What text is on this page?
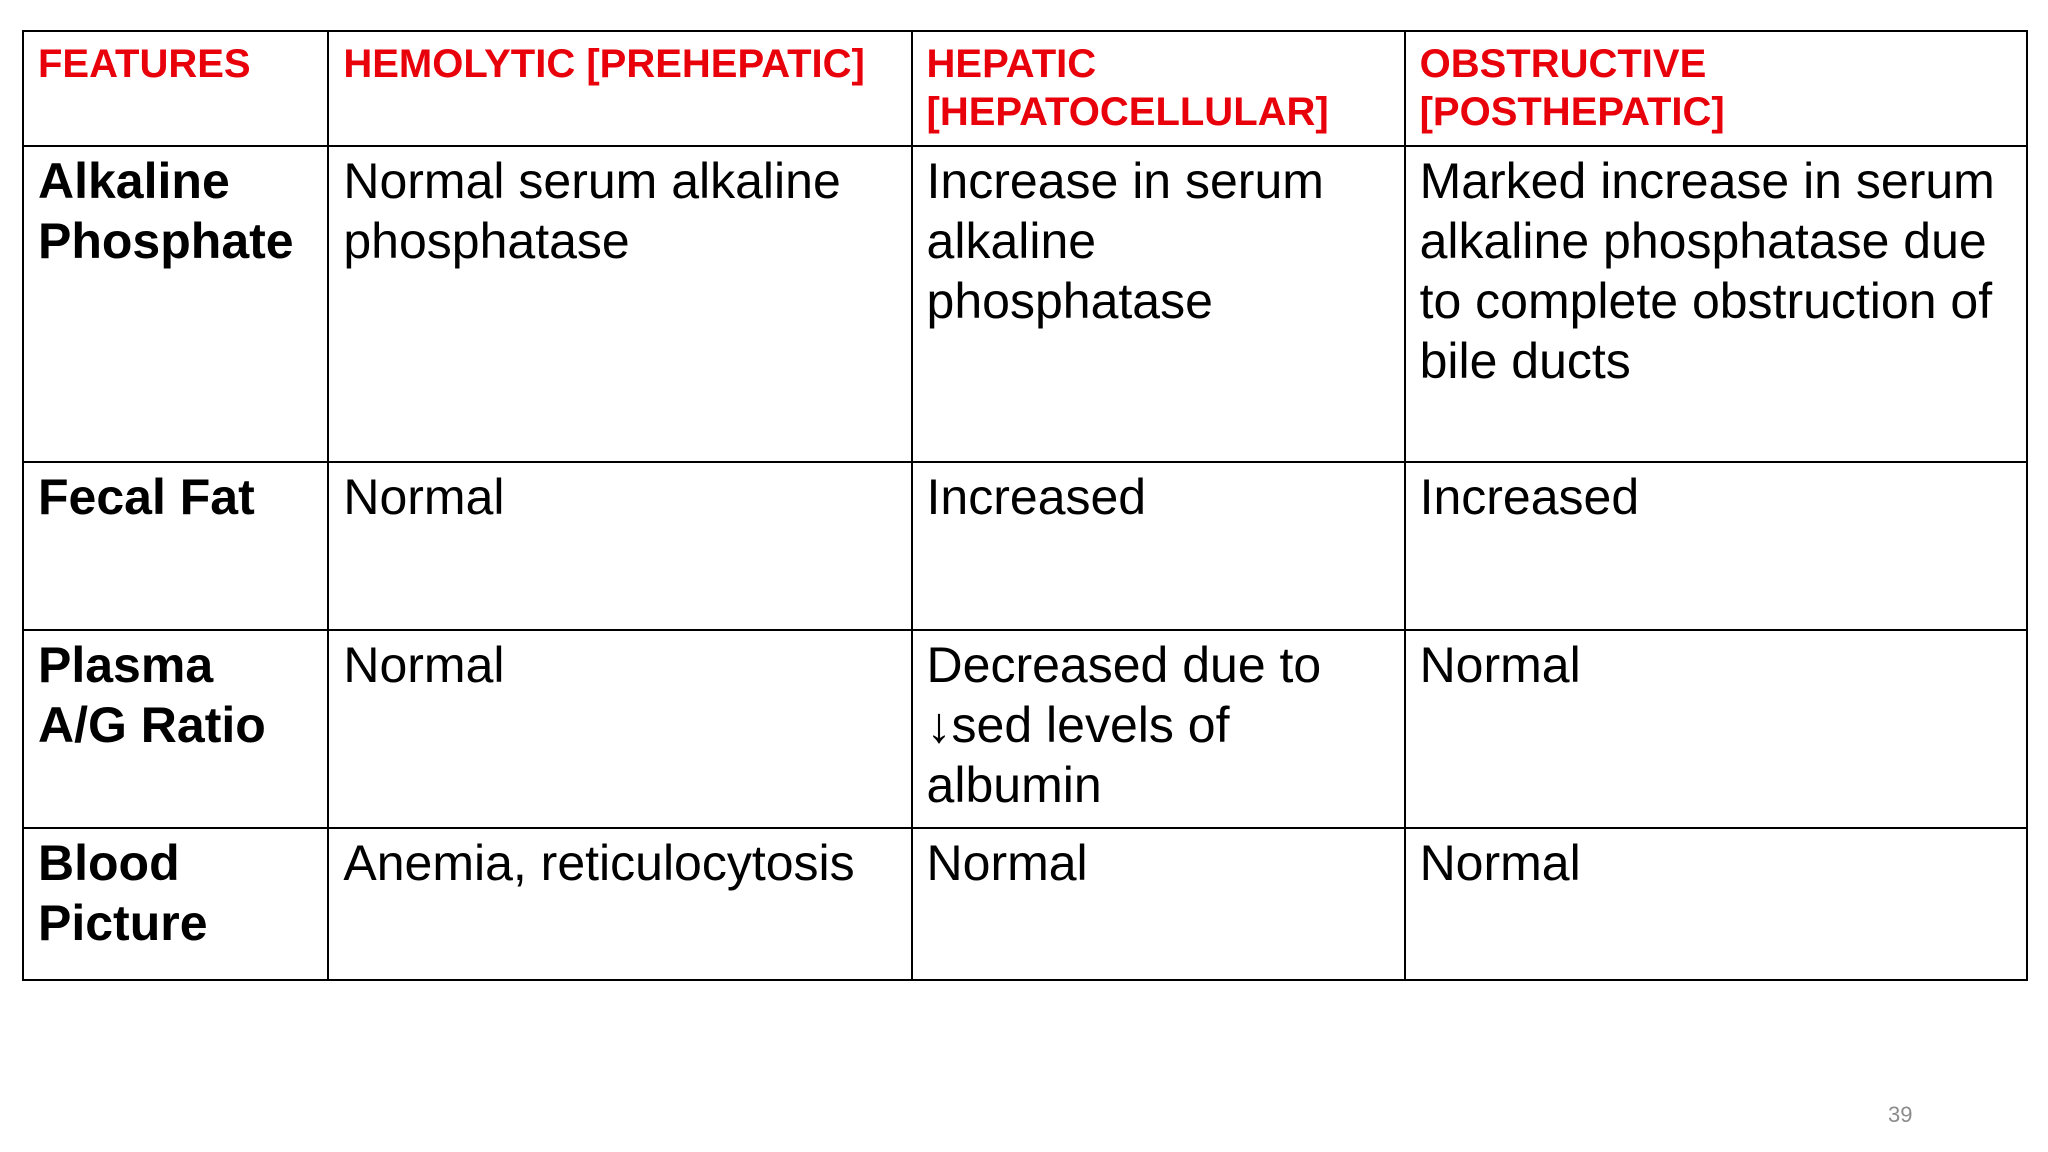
FEATURES	HEMOLYTIC [PREHEPATIC]	HEPATIC [HEPATOCELLULAR]	OBSTRUCTIVE [POSTHEPATIC]
Alkaline Phosphate	Normal serum alkaline phosphatase	Increase in serum alkaline phosphatase	Marked increase in serum alkaline phosphatase due to complete obstruction of bile ducts
Fecal Fat	Normal	Increased	Increased
Plasma A/G Ratio	Normal	Decreased due to ↓sed levels of albumin	Normal
Blood Picture	Anemia, reticulocytosis	Normal	Normal
39
